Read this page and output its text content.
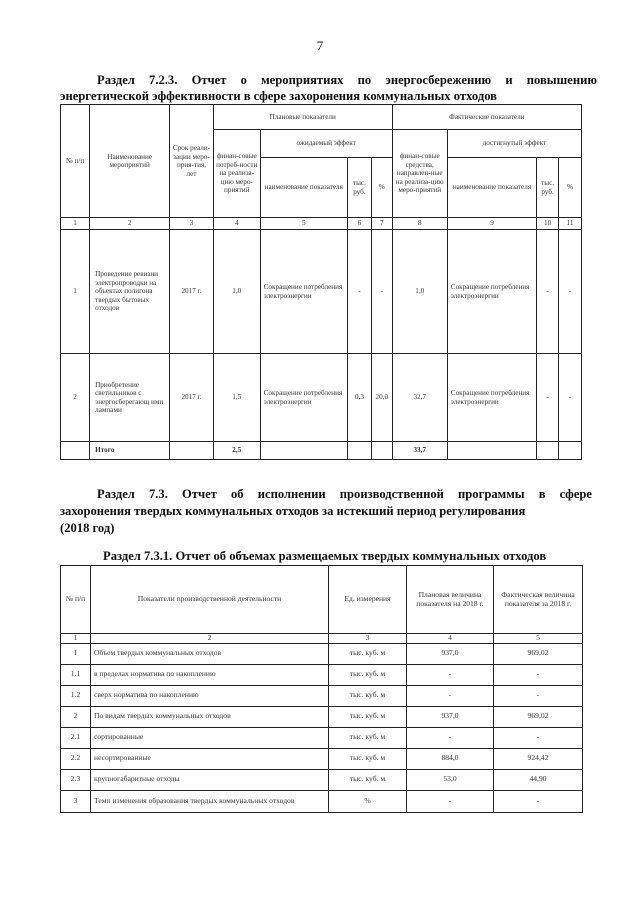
7
Раздел 7.2.3. Отчет о мероприятиях по энергосбережению и повышению
энергетической эффективности в сфере захоронения коммунальных отходов
№ п/п	Наименование мероприятий	Срок реали-зации меро-прия-тия, лет	Плановые показатели				Фактические показатели			
			финан-совые потреб-ности на реализа-цию меро-приятий	ожидаемый эффект			финан-совые средства, направлен-ные на реализа-цию меро-приятий	достигнутый эффект		
				наименование показателя	тыс. руб.	%		наименование показателя	тыс. руб.	%
1	2	3	4	5	6	7	8	9	10	11
1	Проведение ревизии электропроводки на объектах полигона твердых бытовых отходов	2017 г.	1,0	Сокращение потребления электроэнергии	-	-	1,0	Сокращение потребления электроэнергии	-	-
2	Приобретение светильников с энергосберегающ ими лампами	2017 г.	1,5	Сокращение потребления электроэнергии	0,3	20,0	32,7	Сокращение потребления электроэнергии	-	-
	Итого		2,5				33,7			
Раздел 7.3. Отчет об исполнении производственной программы в сфере
захоронения твердых коммунальных отходов за истекший период регулирования
(2018 год)
Раздел 7.3.1. Отчет об объемах размещаемых твердых коммунальных отходов
№ п/п	Показатели производственной деятельности	Ед. измерения	Плановая величина показателя на 2018 г.	Фактическая величина показателя за 2018 г.
1	2	3	4	5
1	Объем твердых коммунальных отходов	тыс. куб. м	937,0	969,02
1.1	в пределах норматива по накоплению	тыс. куб. м	-	-
1.2	сверх норматива по накоплению	тыс. куб. м	-	-
2	По видам твердых коммунальных отходов	тыс. куб. м	937,0	969,02
2.1	сортированные	тыс. куб. м	-	-
2.2	несортированные	тыс. куб. м	884,0	924,42
2.3	крупногабаритные отходы	тыс. куб. м	53,0	44,90
3	Темп изменения образования твердых коммунальных отходов	%	-	-
